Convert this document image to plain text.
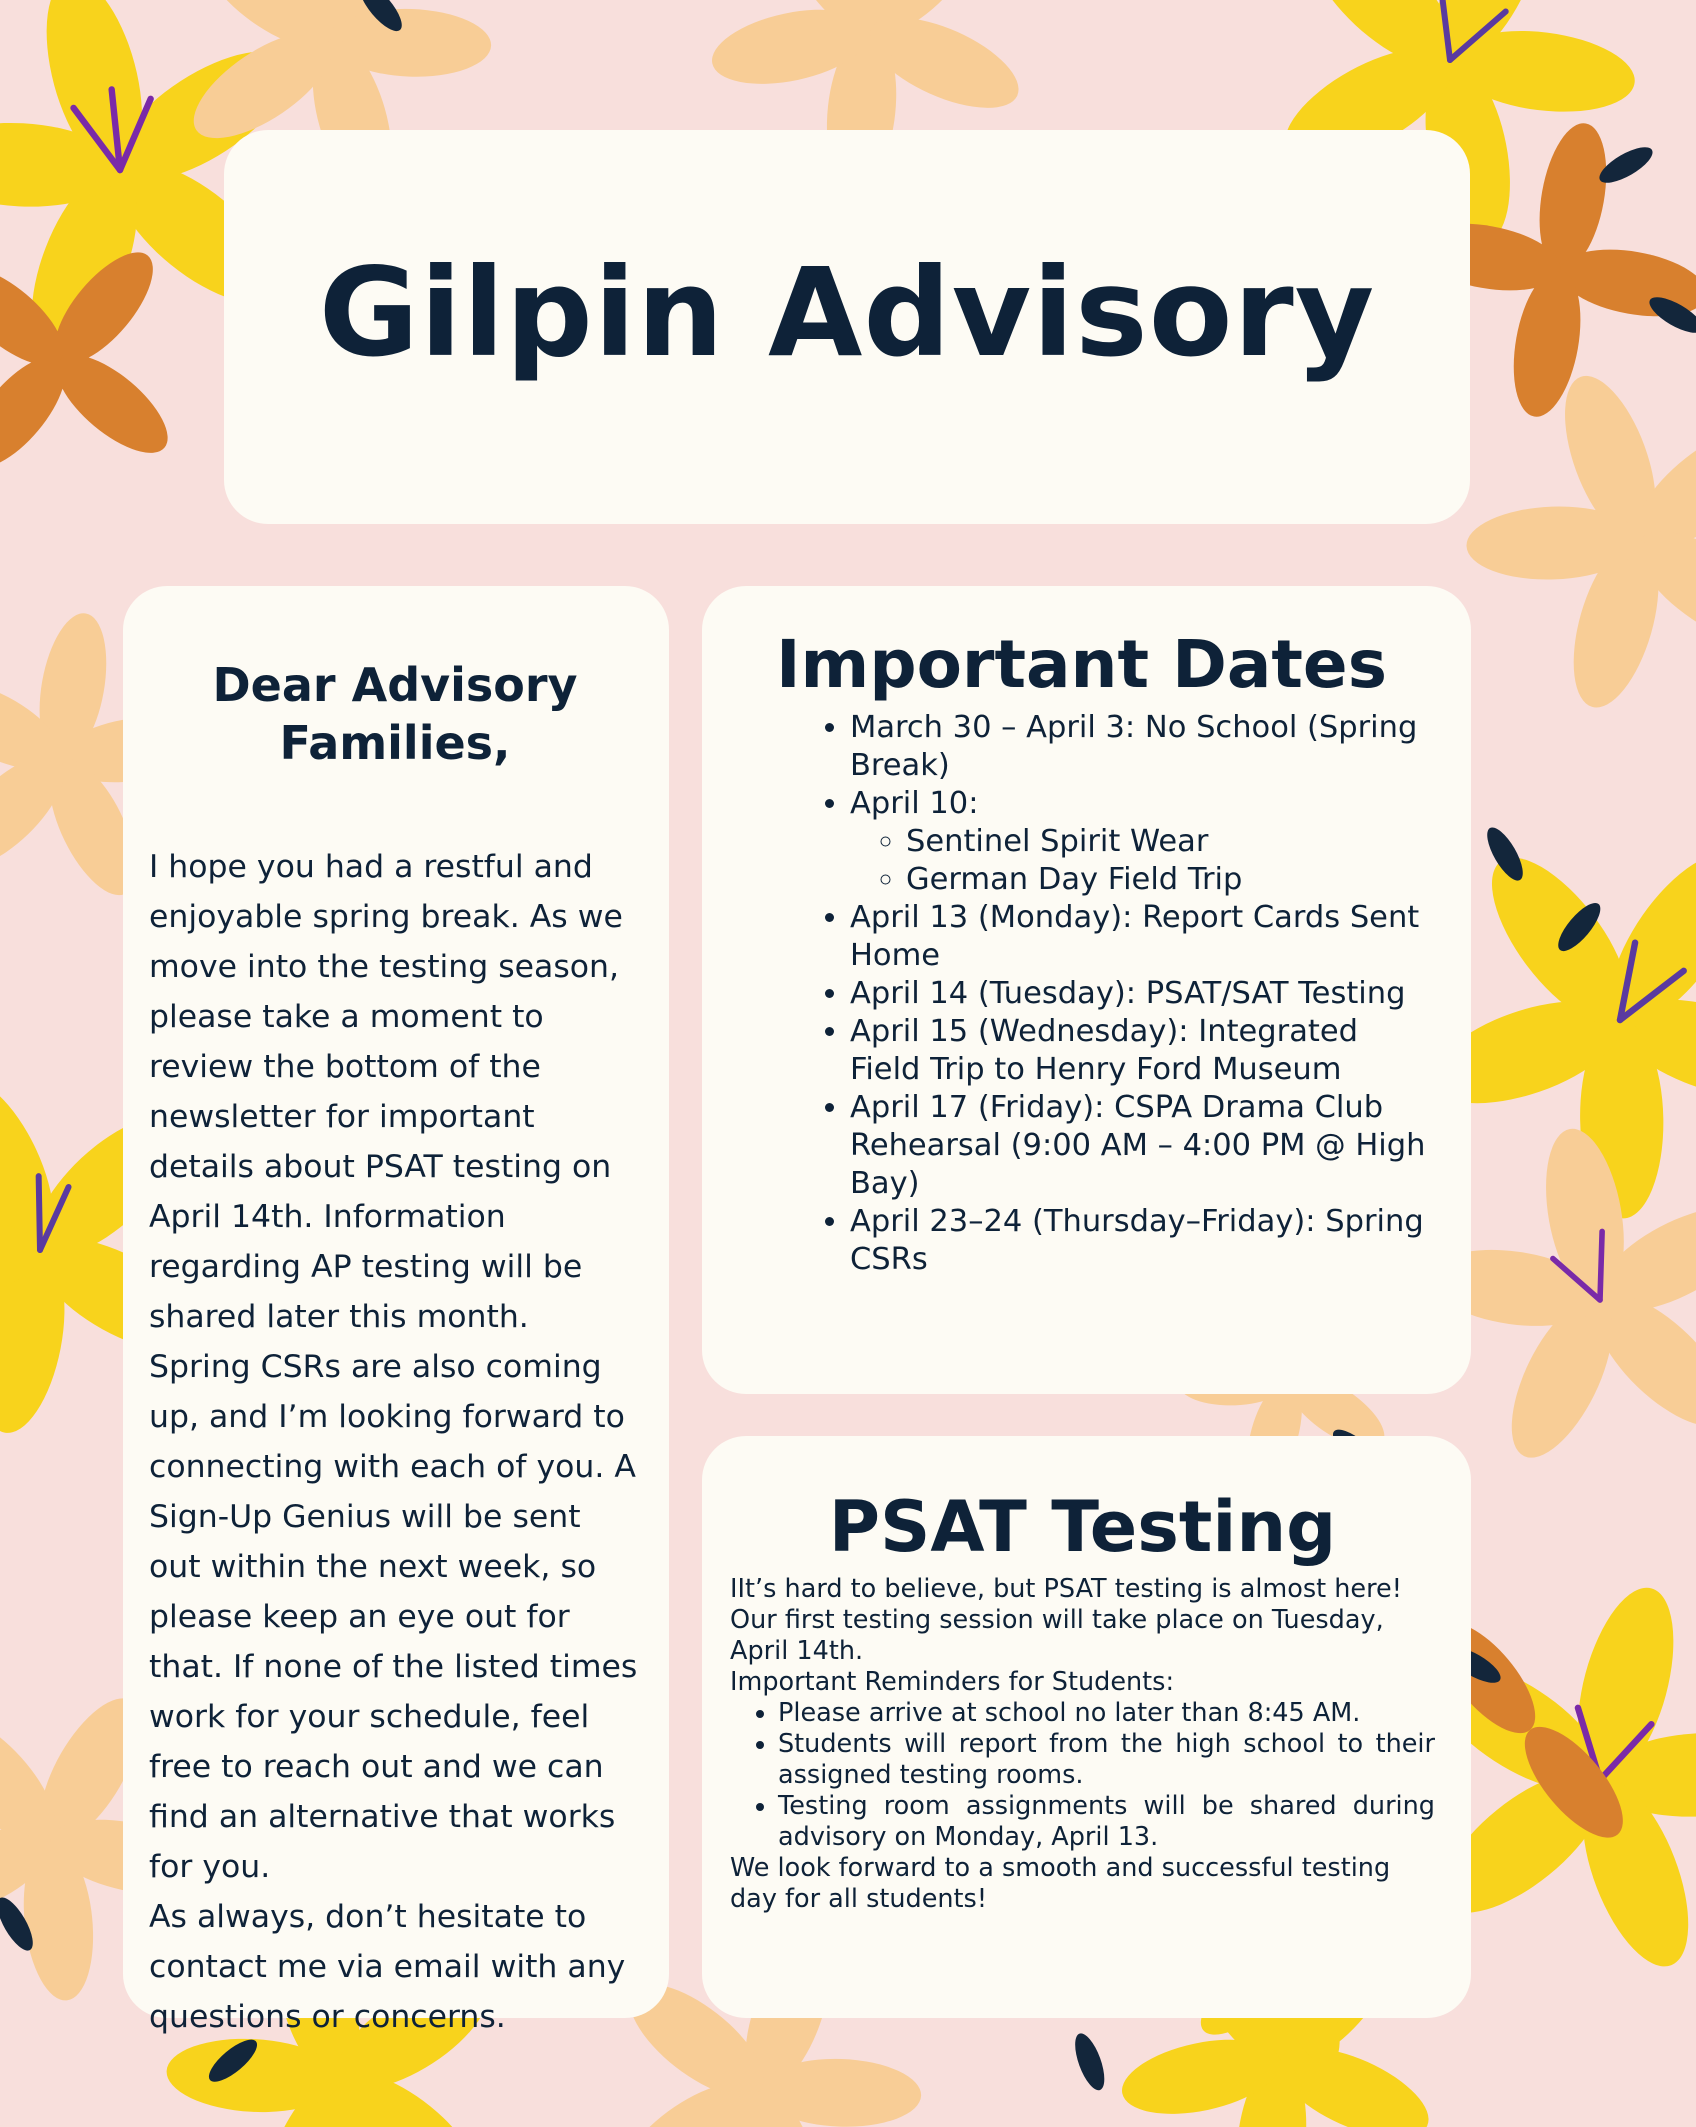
Gilpin Advisory
Dear Advisory Families,

I hope you had a restful and enjoyable spring break. As we move into the testing season, please take a moment to review the bottom of the newsletter for important details about PSAT testing on April 14th. Information regarding AP testing will be shared later this month.

Spring CSRs are also coming up, and I’m looking forward to connecting with each of you. A Sign-Up Genius will be sent out within the next week, so please keep an eye out for that. If none of the listed times work for your schedule, feel free to reach out and we can find an alternative that works for you.

As always, don’t hesitate to contact me via email with any questions or concerns.

Important Dates
• March 30 – April 3: No School (Spring Break)
• April 10:
◦ Sentinel Spirit Wear
◦ German Day Field Trip
• April 13 (Monday): Report Cards Sent Home
• April 14 (Tuesday): PSAT/SAT Testing
• April 15 (Wednesday): Integrated Field Trip to Henry Ford Museum
• April 17 (Friday): CSPA Drama Club Rehearsal (9:00 AM – 4:00 PM @ High Bay)
• April 23–24 (Thursday–Friday): Spring CSRs
PSAT Testing

IIt’s hard to believe, but PSAT testing is almost here! Our first testing session will take place on Tuesday, April 14th.

Important Reminders for Students:

• Please arrive at school no later than 8:45 AM.
• Students will report from the high school to their assigned testing rooms.
• Testing room assignments will be shared during advisory on Monday, April 13.

We look forward to a smooth and successful testing day for all students!
